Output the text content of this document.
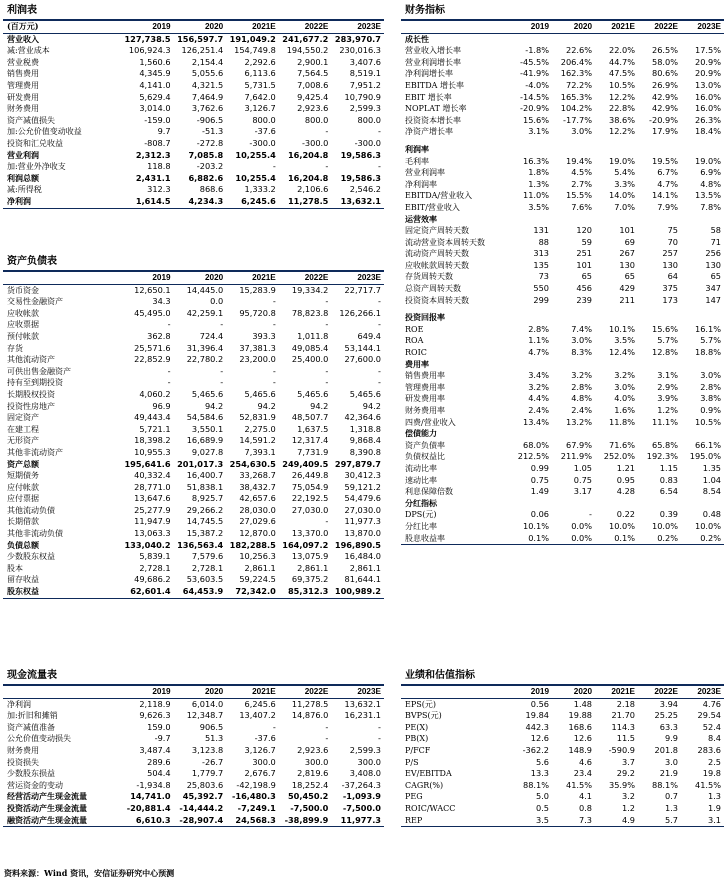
利润表
(百万元)	2019	2020	2021E	2022E	2023E
营业收入	127,738.5	156,597.7	191,049.2	241,677.2	283,970.7
减:营业成本	106,924.3	126,251.4	154,749.8	194,550.2	230,016.3
营业税费	1,560.6	2,154.4	2,292.6	2,900.1	3,407.6
销售费用	4,345.9	5,055.6	6,113.6	7,564.5	8,519.1
管理费用	4,141.0	4,321.5	5,731.5	7,008.6	7,951.2
研发费用	5,629.4	7,464.9	7,642.0	9,425.4	10,790.9
财务费用	3,014.0	3,762.6	3,126.7	2,923.6	2,599.3
资产减值损失	-159.0	-906.5	800.0	800.0	800.0
加:公允价值变动收益	9.7	-51.3	-37.6	-	-
投资和汇兑收益	-808.7	-272.8	-300.0	-300.0	-300.0
营业利润	2,312.3	7,085.8	10,255.4	16,204.8	19,586.3
加:营业外净收支	118.8	-203.2	-	-	-
利润总额	2,431.1	6,882.6	10,255.4	16,204.8	19,586.3
减:所得税	312.3	868.6	1,333.2	2,106.6	2,546.2
净利润	1,614.5	4,234.3	6,245.6	11,278.5	13,632.1
资产负债表
	2019	2020	2021E	2022E	2023E
货币资金	12,650.1	14,445.0	15,283.9	19,334.2	22,717.7
交易性金融资产	34.3	0.0	-	-	-
应收帐款	45,495.0	42,259.1	95,720.8	78,823.8	126,266.1
应收票据	-	-	-	-	-
预付帐款	362.8	724.4	393.3	1,011.8	649.4
存货	25,571.6	31,396.4	37,381.3	49,085.4	53,144.1
其他流动资产	22,852.9	22,780.2	23,200.0	25,400.0	27,600.0
可供出售金融资产	-	-	-	-	-
持有至到期投资	-	-	-	-	-
长期股权投资	4,060.2	5,465.6	5,465.6	5,465.6	5,465.6
投资性房地产	96.9	94.2	94.2	94.2	94.2
固定资产	49,443.4	54,584.6	52,831.9	48,507.7	42,364.6
在建工程	5,721.1	3,550.1	2,275.0	1,637.5	1,318.8
无形资产	18,398.2	16,689.9	14,591.2	12,317.4	9,868.4
其他非流动资产	10,955.3	9,027.8	7,393.1	7,731.9	8,390.8
资产总额	195,641.6	201,017.3	254,630.5	249,409.5	297,879.7
短期债务	40,332.4	16,400.7	33,268.7	26,449.8	30,412.3
应付帐款	28,771.0	51,838.1	38,432.7	75,054.9	59,121.2
应付票据	13,647.6	8,925.7	42,657.6	22,192.5	54,479.6
其他流动负债	25,277.9	29,266.2	28,030.0	27,030.0	27,030.0
长期借款	11,947.9	14,745.5	27,029.6	-	11,977.3
其他非流动负债	13,063.3	15,387.2	12,870.0	13,370.0	13,870.0
负债总额	133,040.2	136,563.4	182,288.5	164,097.2	196,890.5
少数股东权益	5,839.1	7,579.6	10,256.3	13,075.9	16,484.0
股本	2,728.1	2,728.1	2,861.1	2,861.1	2,861.1
留存收益	49,686.2	53,603.5	59,224.5	69,375.2	81,644.1
股东权益	62,601.4	64,453.9	72,342.0	85,312.3	100,989.2
现金流量表
	2019	2020	2021E	2022E	2023E
净利润	2,118.9	6,014.0	6,245.6	11,278.5	13,632.1
加:折旧和摊销	9,626.3	12,348.7	13,407.2	14,876.0	16,231.1
资产减值准备	159.0	906.5	-	-	-
公允价值变动损失	-9.7	51.3	-37.6	-	-
财务费用	3,487.4	3,123.8	3,126.7	2,923.6	2,599.3
投资损失	289.6	-26.7	300.0	300.0	300.0
少数股东损益	504.4	1,779.7	2,676.7	2,819.6	3,408.0
营运资金的变动	-1,934.8	25,803.6	-42,198.9	18,252.4	-37,264.3
经营活动产生现金流量	14,741.0	45,392.7	-16,480.3	50,450.2	-1,093.9
投资活动产生现金流量	-20,881.4	-14,444.2	-7,249.1	-7,500.0	-7,500.0
融资活动产生现金流量	6,610.3	-28,907.4	24,568.3	-38,899.9	11,977.3
财务指标
	2019	2020	2021E	2022E	2023E
成长性					
营业收入增长率	-1.8%	22.6%	22.0%	26.5%	17.5%
营业利润增长率	-45.5%	206.4%	44.7%	58.0%	20.9%
净利润增长率	-41.9%	162.3%	47.5%	80.6%	20.9%
EBITDA 增长率	-4.0%	72.2%	10.5%	26.9%	13.0%
EBIT 增长率	-14.5%	165.3%	12.2%	42.9%	16.0%
NOPLAT 增长率	-20.9%	104.2%	22.8%	42.9%	16.0%
投资资本增长率	15.6%	-17.7%	38.6%	-20.9%	26.3%
净资产增长率	3.1%	3.0%	12.2%	17.9%	18.4%

利润率					
毛利率	16.3%	19.4%	19.0%	19.5%	19.0%
营业利润率	1.8%	4.5%	5.4%	6.7%	6.9%
净利润率	1.3%	2.7%	3.3%	4.7%	4.8%
EBITDA/营业收入	11.0%	15.5%	14.0%	14.1%	13.5%
EBIT/营业收入	3.5%	7.6%	7.0%	7.9%	7.8%
运营效率					
固定资产周转天数	131	120	101	75	58
流动营业资本周转天数	88	59	69	70	71
流动资产周转天数	313	251	267	257	256
应收帐款周转天数	135	101	130	130	130
存货周转天数	73	65	65	64	65
总资产周转天数	550	456	429	375	347
投资资本周转天数	299	239	211	173	147

投资回报率					
ROE	2.8%	7.4%	10.1%	15.6%	16.1%
ROA	1.1%	3.0%	3.5%	5.7%	5.7%
ROIC	4.7%	8.3%	12.4%	12.8%	18.8%
费用率					
销售费用率	3.4%	3.2%	3.2%	3.1%	3.0%
管理费用率	3.2%	2.8%	3.0%	2.9%	2.8%
研发费用率	4.4%	4.8%	4.0%	3.9%	3.8%
财务费用率	2.4%	2.4%	1.6%	1.2%	0.9%
四费/营业收入	13.4%	13.2%	11.8%	11.1%	10.5%
偿债能力					
资产负债率	68.0%	67.9%	71.6%	65.8%	66.1%
负债权益比	212.5%	211.9%	252.0%	192.3%	195.0%
流动比率	0.99	1.05	1.21	1.15	1.35
速动比率	0.75	0.75	0.95	0.83	1.04
利息保障倍数	1.49	3.17	4.28	6.54	8.54
分红指标					
DPS(元)	0.06	-	0.22	0.39	0.48
分红比率	10.1%	0.0%	10.0%	10.0%	10.0%
股息收益率	0.1%	0.0%	0.1%	0.2%	0.2%
业绩和估值指标
	2019	2020	2021E	2022E	2023E
EPS(元)	0.56	1.48	2.18	3.94	4.76
BVPS(元)	19.84	19.88	21.70	25.25	29.54
PE(X)	442.3	168.6	114.3	63.3	52.4
PB(X)	12.6	12.6	11.5	9.9	8.4
P/FCF	-362.2	148.9	-590.9	201.8	283.6
P/S	5.6	4.6	3.7	3.0	2.5
EV/EBITDA	13.3	23.4	29.2	21.9	19.8
CAGR(%)	88.1%	41.5%	35.9%	88.1%	41.5%
PEG	5.0	4.1	3.2	0.7	1.3
ROIC/WACC	0.5	0.8	1.2	1.3	1.9
REP	3.5	7.3	4.9	5.7	3.1
资料来源：Wind 资讯，安信证券研究中心预测
